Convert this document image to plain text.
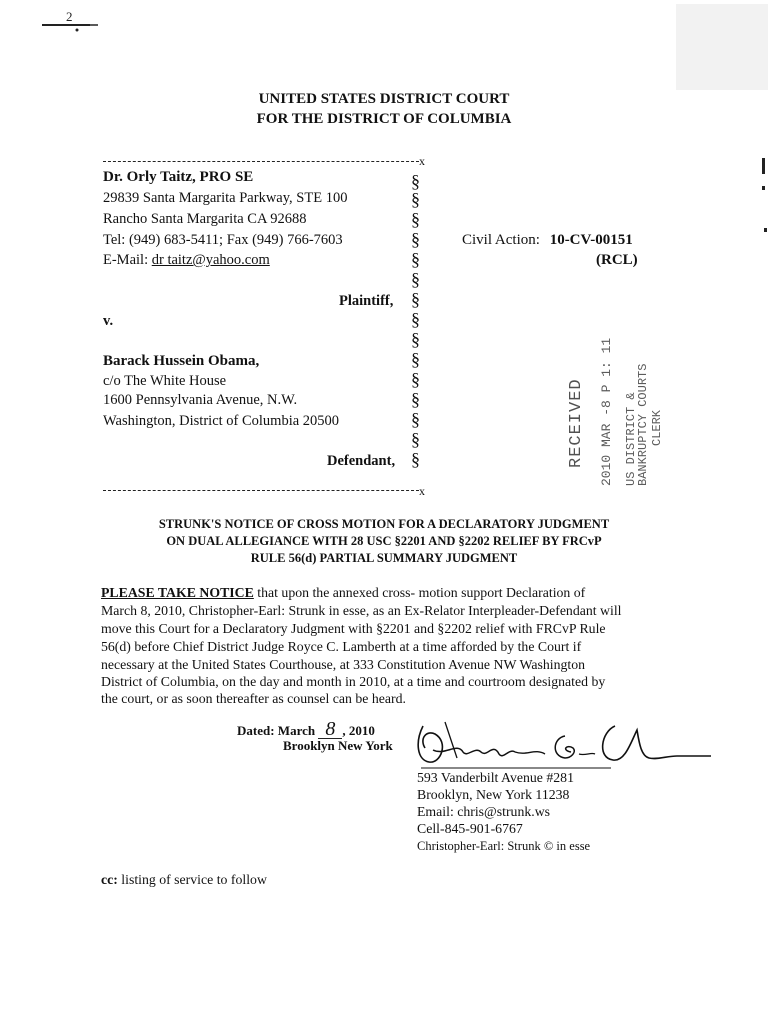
2
UNITED STATES DISTRICT COURT
FOR THE DISTRICT OF COLUMBIA
x
Dr. Orly Taitz, PRO SE
29839 Santa Margarita Parkway, STE 100
Rancho Santa Margarita CA 92688
Tel: (949) 683-5411; Fax (949) 766-7603
E-Mail: dr taitz@yahoo.com
Plaintiff,
v.
Barack Hussein Obama,
c/o The White House
1600 Pennsylvania Avenue, N.W.
Washington, District of Columbia 20500
Defendant,
x
§
§
§
§
§
§
§
§
§
§
§
§
§
§
§
Civil Action: 10-CV-00151
(RCL)
RECEIVED 2010 MAR -8 P 1: 11 US DISTRICT &
BANKRUPTCY COURTS CLERK
STRUNK'S NOTICE OF CROSS MOTION FOR A DECLARATORY JUDGMENT
ON DUAL ALLEGIANCE WITH 28 USC §2201 AND §2202 RELIEF BY FRCvP
RULE 56(d) PARTIAL SUMMARY JUDGMENT
PLEASE TAKE NOTICE that upon the annexed cross- motion support Declaration of
March 8, 2010, Christopher-Earl: Strunk in esse, as an Ex-Relator Interpleader-Defendant will
move this Court for a Declaratory Judgment with §2201 and §2202 relief with FRCvP Rule
56(d) before Chief District Judge Royce C. Lamberth at a time afforded by the Court if
necessary at the United States Courthouse, at 333 Constitution Avenue NW Washington
District of Columbia, on the day and month in 2010, at a time and courtroom designated by
the court, or as soon thereafter as counsel can be heard.
Dated: March 8 , 2010
Brooklyn New York
593 Vanderbilt Avenue #281
Brooklyn, New York 11238
Email: chris@strunk.ws
Cell-845-901-6767
Christopher-Earl: Strunk © in esse
cc: listing of service to follow
